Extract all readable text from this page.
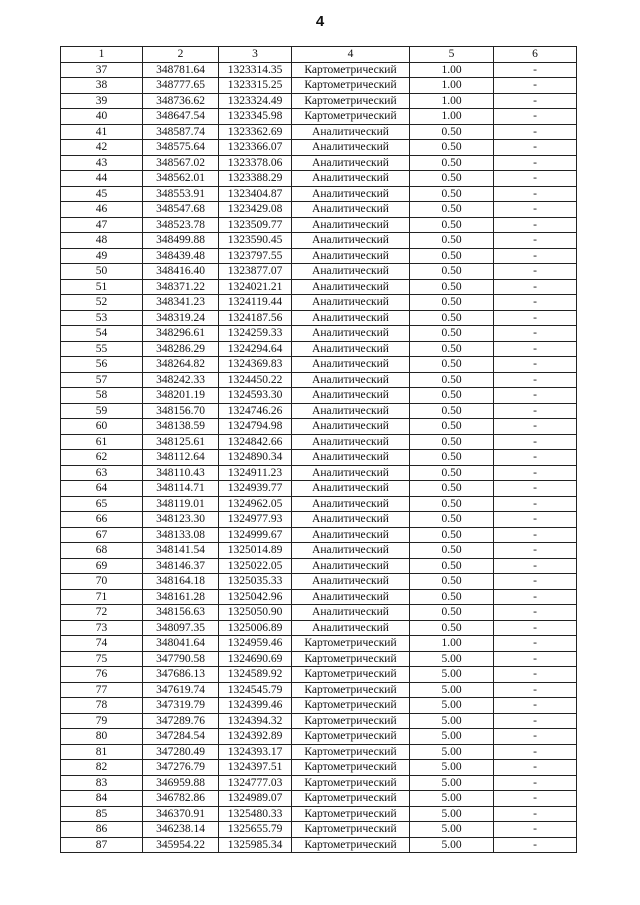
4
1	2	3	4	5	6
37	348781.64	1323314.35	Картометрический	1.00	-
38	348777.65	1323315.25	Картометрический	1.00	-
39	348736.62	1323324.49	Картометрический	1.00	-
40	348647.54	1323345.98	Картометрический	1.00	-
41	348587.74	1323362.69	Аналитический	0.50	-
42	348575.64	1323366.07	Аналитический	0.50	-
43	348567.02	1323378.06	Аналитический	0.50	-
44	348562.01	1323388.29	Аналитический	0.50	-
45	348553.91	1323404.87	Аналитический	0.50	-
46	348547.68	1323429.08	Аналитический	0.50	-
47	348523.78	1323509.77	Аналитический	0.50	-
48	348499.88	1323590.45	Аналитический	0.50	-
49	348439.48	1323797.55	Аналитический	0.50	-
50	348416.40	1323877.07	Аналитический	0.50	-
51	348371.22	1324021.21	Аналитический	0.50	-
52	348341.23	1324119.44	Аналитический	0.50	-
53	348319.24	1324187.56	Аналитический	0.50	-
54	348296.61	1324259.33	Аналитический	0.50	-
55	348286.29	1324294.64	Аналитический	0.50	-
56	348264.82	1324369.83	Аналитический	0.50	-
57	348242.33	1324450.22	Аналитический	0.50	-
58	348201.19	1324593.30	Аналитический	0.50	-
59	348156.70	1324746.26	Аналитический	0.50	-
60	348138.59	1324794.98	Аналитический	0.50	-
61	348125.61	1324842.66	Аналитический	0.50	-
62	348112.64	1324890.34	Аналитический	0.50	-
63	348110.43	1324911.23	Аналитический	0.50	-
64	348114.71	1324939.77	Аналитический	0.50	-
65	348119.01	1324962.05	Аналитический	0.50	-
66	348123.30	1324977.93	Аналитический	0.50	-
67	348133.08	1324999.67	Аналитический	0.50	-
68	348141.54	1325014.89	Аналитический	0.50	-
69	348146.37	1325022.05	Аналитический	0.50	-
70	348164.18	1325035.33	Аналитический	0.50	-
71	348161.28	1325042.96	Аналитический	0.50	-
72	348156.63	1325050.90	Аналитический	0.50	-
73	348097.35	1325006.89	Аналитический	0.50	-
74	348041.64	1324959.46	Картометрический	1.00	-
75	347790.58	1324690.69	Картометрический	5.00	-
76	347686.13	1324589.92	Картометрический	5.00	-
77	347619.74	1324545.79	Картометрический	5.00	-
78	347319.79	1324399.46	Картометрический	5.00	-
79	347289.76	1324394.32	Картометрический	5.00	-
80	347284.54	1324392.89	Картометрический	5.00	-
81	347280.49	1324393.17	Картометрический	5.00	-
82	347276.79	1324397.51	Картометрический	5.00	-
83	346959.88	1324777.03	Картометрический	5.00	-
84	346782.86	1324989.07	Картометрический	5.00	-
85	346370.91	1325480.33	Картометрический	5.00	-
86	346238.14	1325655.79	Картометрический	5.00	-
87	345954.22	1325985.34	Картометрический	5.00	-
